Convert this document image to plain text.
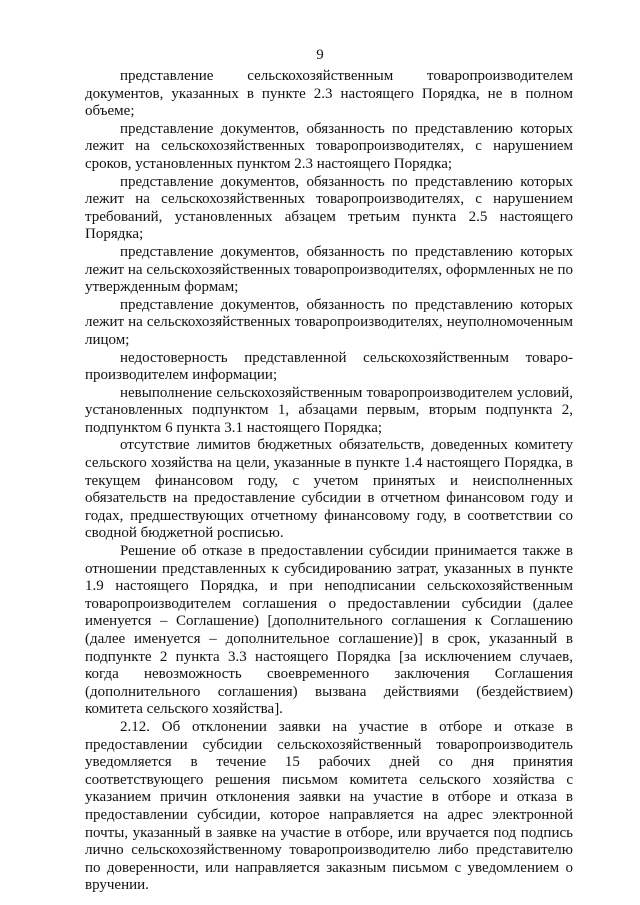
9

представление сельскохозяйственным товаропроизводителем документов, указанных в пункте 2.3 настоящего Порядка, не в полном объеме;

представление документов, обязанность по представлению которых лежит на сельскохозяйственных товаропроизводителях, с нарушением сроков, установленных пунктом 2.3 настоящего Порядка;

представление документов, обязанность по представлению которых лежит на сельскохозяйственных товаропроизводителях, с нарушением требований, установленных абзацем третьим пункта 2.5 настоящего Порядка;

представление документов, обязанность по представлению которых лежит на сельскохозяйственных товаропроизводителях, оформленных не по утвержденным формам;

представление документов, обязанность по представлению которых лежит на сельскохозяйственных товаропроизводителях, неуполномоченным лицом;

недостоверность представленной сельскохозяйственным товаропроизводителем информации;

невыполнение сельскохозяйственным товаропроизводителем условий, установленных подпунктом 1, абзацами первым, вторым подпункта 2, подпунктом 6 пункта 3.1 настоящего Порядка;

отсутствие лимитов бюджетных обязательств, доведенных комитету сельского хозяйства на цели, указанные в пункте 1.4 настоящего Порядка, в текущем финансовом году, с учетом принятых и неисполненных обязательств на предоставление субсидии в отчетном финансовом году и годах, предшествующих отчетному финансовому году, в соответствии со сводной бюджетной росписью.

Решение об отказе в предоставлении субсидии принимается также в отношении представленных к субсидированию затрат, указанных в пункте 1.9 настоящего Порядка, и при неподписании сельскохозяйственным товаропроизводителем соглашения о предоставлении субсидии (далее именуется – Соглашение) [дополнительного соглашения к Соглашению (далее именуется – дополнительное соглашение)] в срок, указанный в подпункте 2 пункта 3.3 настоящего Порядка [за исключением случаев, когда невозможность своевременного заключения Соглашения (дополнительного соглашения) вызвана действиями (бездействием) комитета сельского хозяйства].

2.12. Об отклонении заявки на участие в отборе и отказе в предоставлении субсидии сельскохозяйственный товаропроизводитель уведомляется в течение 15 рабочих дней со дня принятия соответствующего решения письмом комитета сельского хозяйства с указанием причин отклонения заявки на участие в отборе и отказа в предоставлении субсидии, которое направляется на адрес электронной почты, указанный в заявке на участие в отборе, или вручается под подпись лично сельскохозяйственному товаропроизводителю либо представителю по доверенности, или направляется заказным письмом с уведомлением о вручении.
